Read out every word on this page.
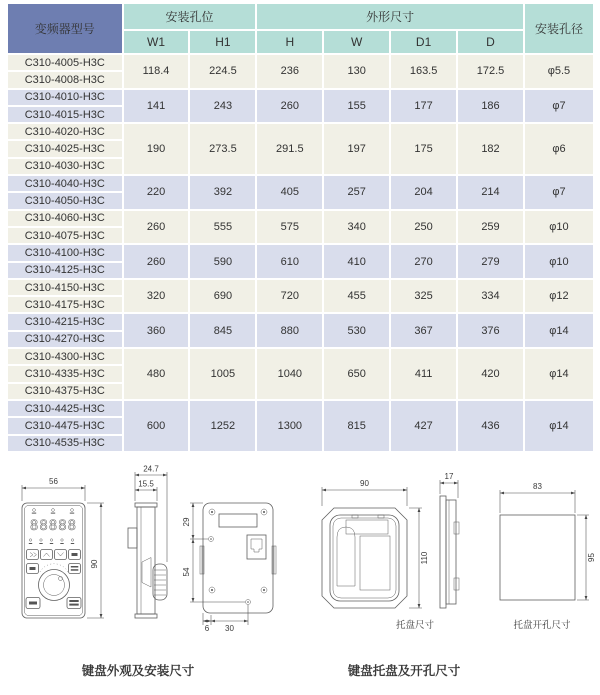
变频器型号	安装孔位		外形尺寸				安装孔径
	W1	H1	H	W	D1	D	
C310-4005-H3C	118.4	224.5	236	130	163.5	172.5	φ5.5
C310-4008-H3C							
C310-4010-H3C	141	243	260	155	177	186	φ7
C310-4015-H3C							
C310-4020-H3C	190	273.5	291.5	197	175	182	φ6
C310-4025-H3C							
C310-4030-H3C							
C310-4040-H3C	220	392	405	257	204	214	φ7
C310-4050-H3C							
C310-4060-H3C	260	555	575	340	250	259	φ10
C310-4075-H3C							
C310-4100-H3C	260	590	610	410	270	279	φ10
C310-4125-H3C							
C310-4150-H3C	320	690	720	455	325	334	φ12
C310-4175-H3C							
C310-4215-H3C	360	845	880	530	367	376	φ14
C310-4270-H3C							
C310-4300-H3C	480	1005	1040	650	411	420	φ14
C310-4335-H3C							
C310-4375-H3C							
C310-4425-H3C	600	1252	1300	815	427	436	φ14
C310-4475-H3C							
C310-4535-H3C							
88888
56
90
24.7
15.5
29
54
6 30
键盘外观及安装尺寸
90
110
托盘尺寸
17
83
95
托盘开孔尺寸
键盘托盘及开孔尺寸
